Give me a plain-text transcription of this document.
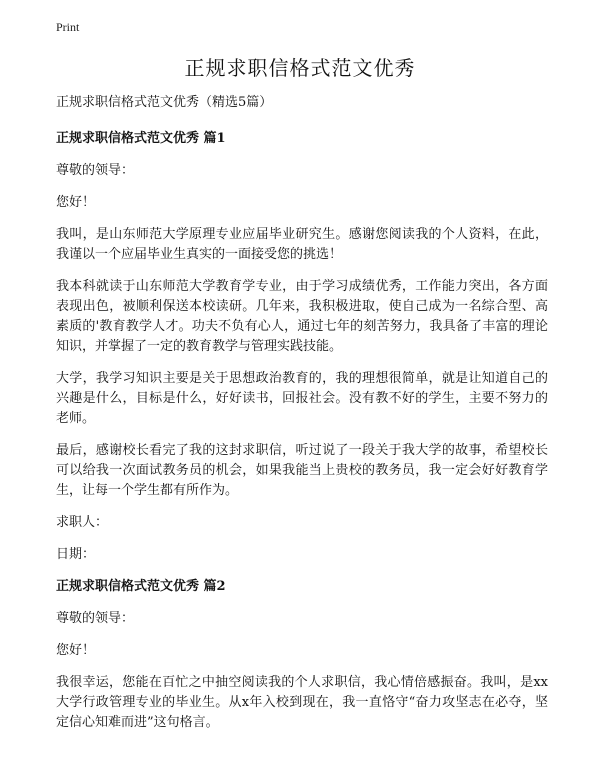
Print
正规求职信格式范文优秀
正规求职信格式范文优秀（精选5篇）
正规求职信格式范文优秀 篇1
尊敬的领导：
您好！
我叫，是山东师范大学原理专业应届毕业研究生。感谢您阅读我的个人资料，在此，我谨以一个应届毕业生真实的一面接受您的挑选！
我本科就读于山东师范大学教育学专业，由于学习成绩优秀，工作能力突出，各方面表现出色，被顺利保送本校读研。几年来，我积极进取，使自己成为一名综合型、高素质的'教育教学人才。功夫不负有心人，通过七年的刻苦努力，我具备了丰富的理论知识，并掌握了一定的教育教学与管理实践技能。
大学，我学习知识主要是关于思想政治教育的，我的理想很简单，就是让知道自己的兴趣是什么，目标是什么，好好读书，回报社会。没有教不好的学生，主要不努力的老师。
最后，感谢校长看完了我的这封求职信，听过说了一段关于我大学的故事，希望校长可以给我一次面试教务员的机会，如果我能当上贵校的教务员，我一定会好好教育学生，让每一个学生都有所作为。
求职人：
日期：
正规求职信格式范文优秀 篇2
尊敬的领导：
您好！
我很幸运，您能在百忙之中抽空阅读我的个人求职信，我心情倍感振奋。我叫，是xx大学行政管理专业的毕业生。从x年入校到现在，我一直恪守“奋力攻坚志在必夺，坚定信心知难而进”这句格言。
